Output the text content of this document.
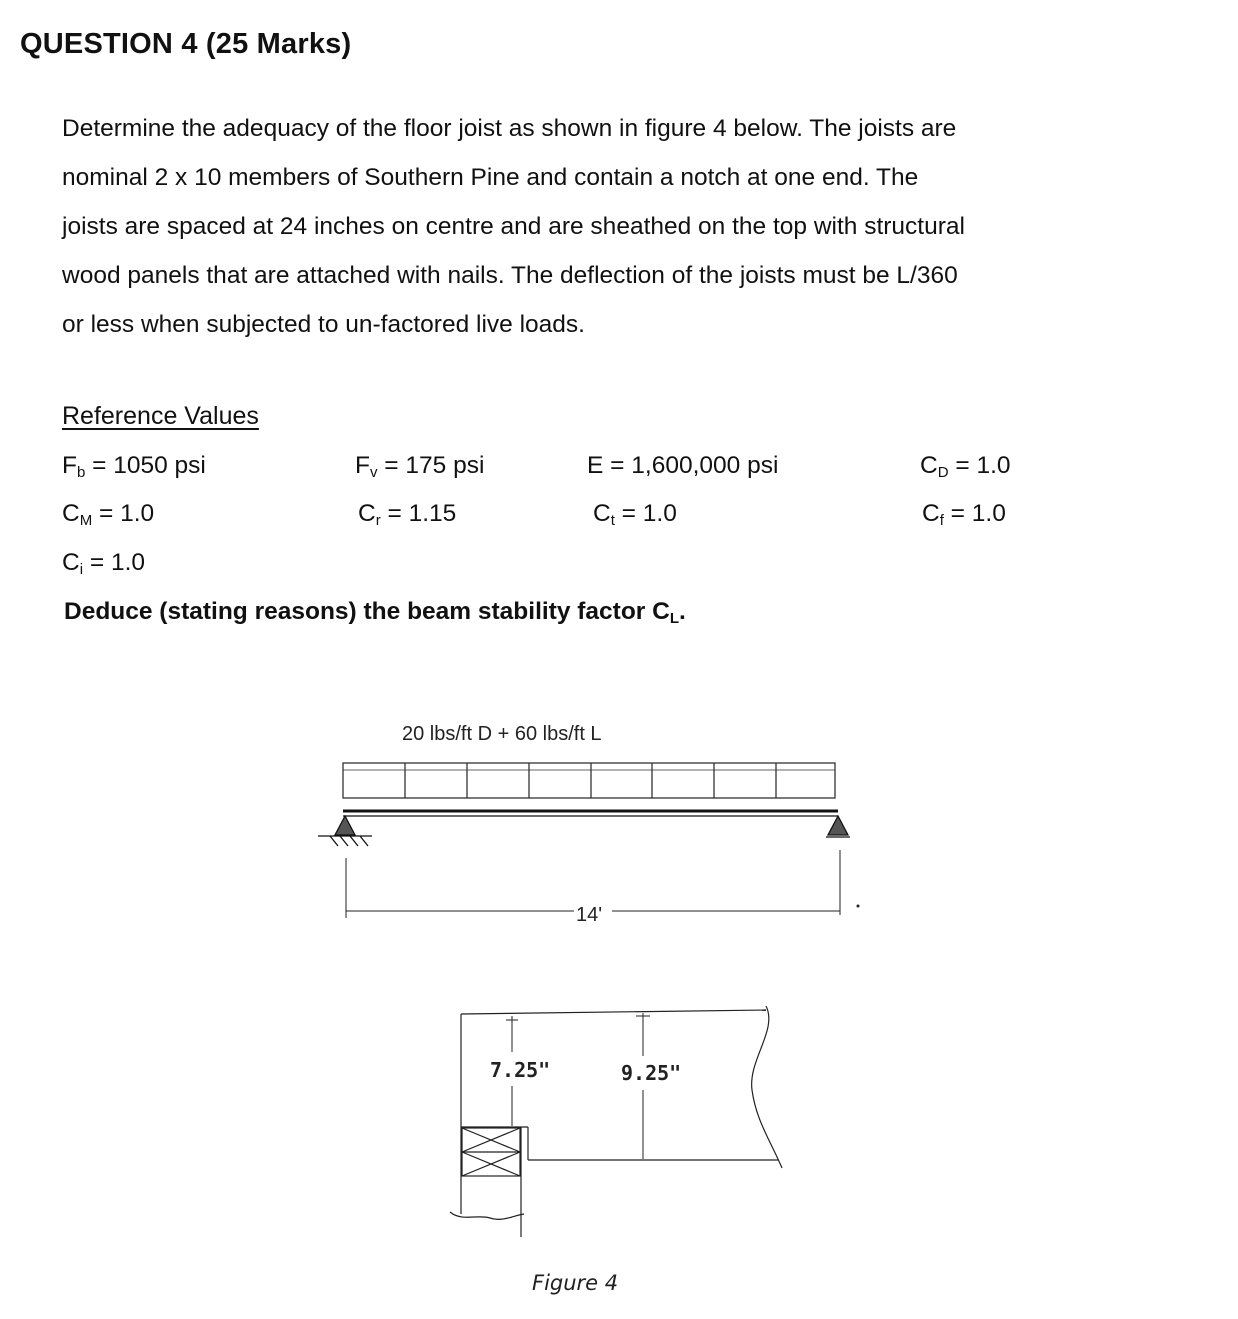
QUESTION 4 (25 Marks)
Determine the adequacy of the floor joist as shown in figure 4 below. The joists are
nominal 2 x 10 members of Southern Pine and contain a notch at one end. The
joists are spaced at 24 inches on centre and are sheathed on the top with structural
wood panels that are attached with nails. The deflection of the joists must be L/360
or less when subjected to un-factored live loads.
Reference Values
$F_b = 1050$ psi	$F_v = 175$ psi	E = 1,600,000 psi	$C_D = 1.0$
$C_M = 1.0$	$C_r = 1.15$	$C_t = 1.0$	$C_f = 1.0$
$C_i = 1.0$
Deduce (stating reasons) the beam stability factor $C_L$.
20 lbs/ft D + 60 lbs/ft L
14'
7.25"	9.25"
Figure 4
